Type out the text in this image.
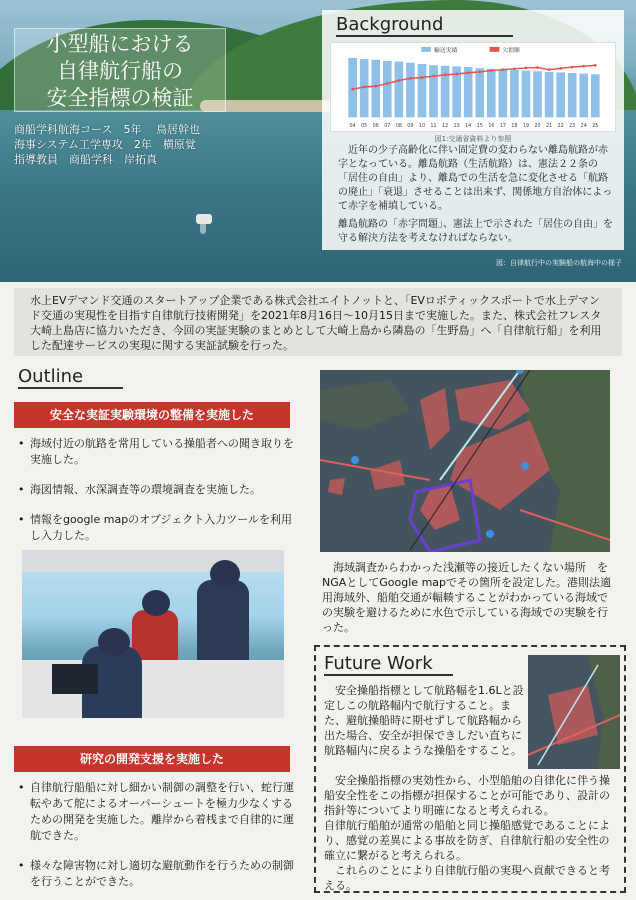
小型船における
自律航行船の
安全指標の検証
商船学科航海コース　5年　 鳥居幹也
海事システム工学専攻　2年　横原覚
指導教員　商船学科　岸拓真
Background
輸送実績	欠損額
04 05 06 07 08 09 10 11 12 13 14 15 16 17 18 19 20 21 22 23 24 25
図1:交通省資料より参照

近年の少子高齢化に伴い固定費の変わらない離島航路が赤字となっている。離島航路（生活航路）は、憲法２２条の「居住の自由」より、離島での生活を急に変化させる「航路の廃止」「衰退」させることは出来ず、関係地方自治体によって赤字を補填している。

離島航路の「赤字問題」、憲法上で示された「居住の自由」を守る解決方法を考えなければならない。

図：自律航行中の実験船の航海中の様子
水上EVデマンド交通のスタートアップ企業である株式会社エイトノットと、「EVロボティックスポートで水上デマンド交通の実現性を目指す自律航行技術開発」を2021年8月16日〜10月15日まで実施した。また、株式会社フレスタ大崎上島店に協力いただき、今回の実証実験のまとめとして大崎上島から隣島の「生野島」へ「自律航行船」を利用した配達サービスの実現に関する実証試験を行った。
Outline
安全な実証実験環境の整備を実施した
• 海域付近の航路を常用している操船者への聞き取りを実施した。
• 海図情報、水深調査等の環境調査を実施した。
• 情報をgoogle mapのオブジェクト入力ツールを利用し入力した。
研究の開発支援を実施した
• 自律航行船船に対し細かい制御の調整を行い、蛇行運転やあて舵によるオーバーシュートを極力少なくするための開発を実施した。離岸から着桟まで自律的に運航できた。
• 様々な障害物に対し適切な避航動作を行うための制御を行うことができた。

海域調査からわかった浅瀬等の接近したくない場所　をNGAとしてGoogle mapでその箇所を設定した。港則法適用海域外、船舶交通が輻輳することがわかっている海域での実験を避けるために水色で示している海域での実験を行った。

Future Work

安全操船指標として航路幅を1.6Lと設定しこの航路幅内で航行すること。また、避航操船時に期せずして航路幅から出た場合、安全が担保できしだい直ちに航路幅内に戻るような操船をすること。

安全操船指標の実効性から、小型船舶の自律化に伴う操船安全性をこの指標が担保することが可能であり、設計の指針等についてより明確になると考えられる。

自律航行船舶が通常の船舶と同じ操船感覚であることにより、感覚の差異による事故を防ぎ、自律航行船の安全性の確立に繋がると考えられる。

これらのことにより自律航行船の実現へ貢献できると考える。
